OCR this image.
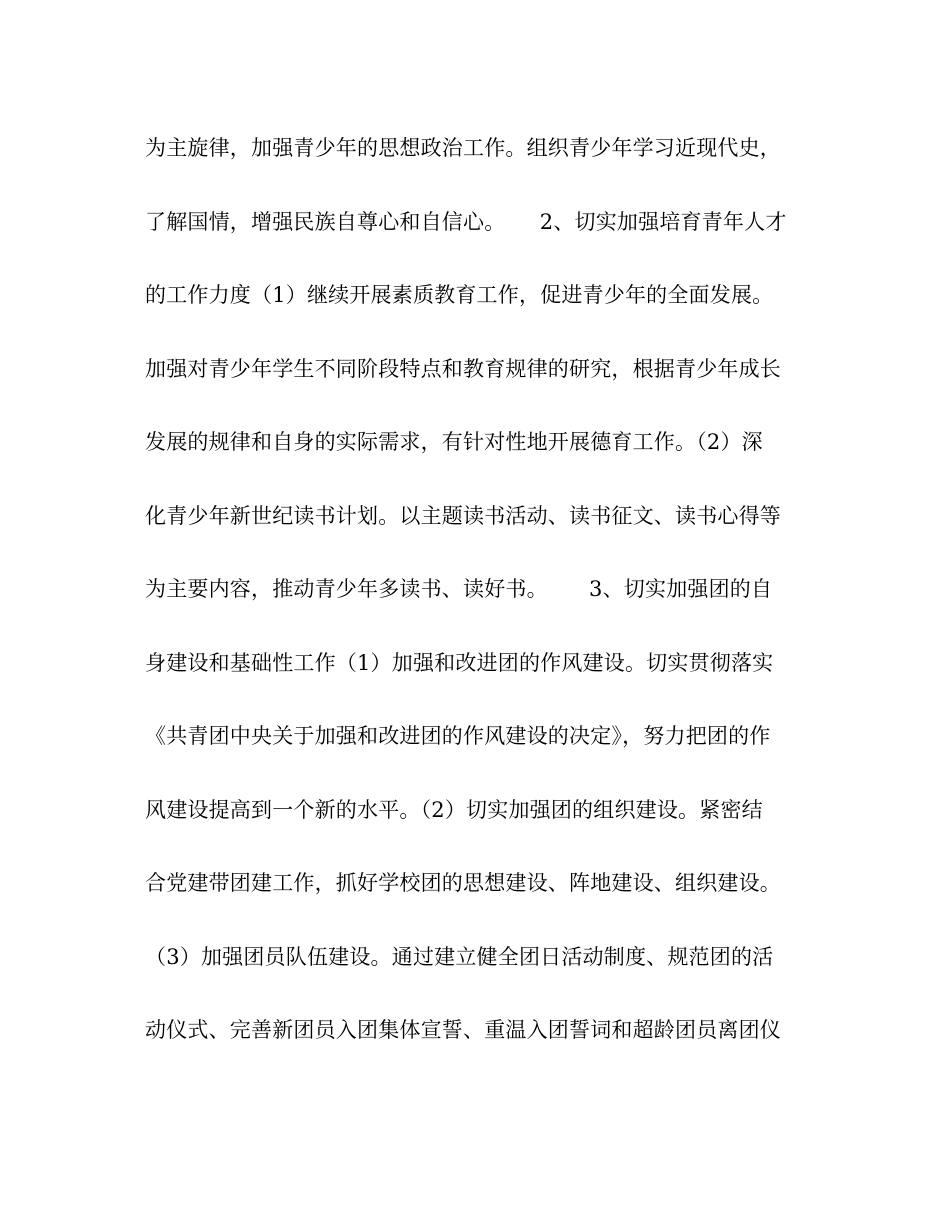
为主旋律，加强青少年的思想政治工作。组织青少年学习近现代史，
了解国情，增强民族自尊心和自信心。     2、切实加强培育青年人才
的工作力度（1）继续开展素质教育工作，促进青少年的全面发展。
加强对青少年学生不同阶段特点和教育规律的研究，根据青少年成长
发展的规律和自身的实际需求，有针对性地开展德育工作。（2）深
化青少年新世纪读书计划。以主题读书活动、读书征文、读书心得等
为主要内容，推动青少年多读书、读好书。      3、切实加强团的自
身建设和基础性工作（1）加强和改进团的作风建设。切实贯彻落实
《共青团中央关于加强和改进团的作风建设的决定》，努力把团的作
风建设提高到一个新的水平。（2）切实加强团的组织建设。紧密结
合党建带团建工作，抓好学校团的思想建设、阵地建设、组织建设。
（3）加强团员队伍建设。通过建立健全团日活动制度、规范团的活
动仪式、完善新团员入团集体宣誓、重温入团誓词和超龄团员离团仪
